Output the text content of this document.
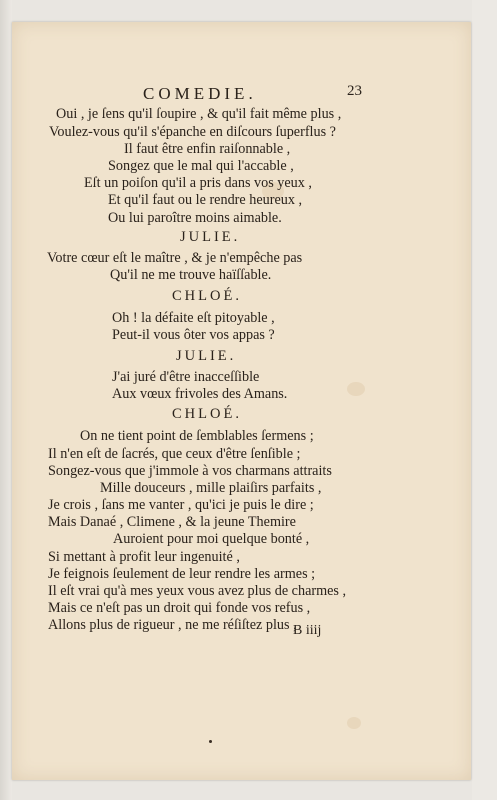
COMEDIE.	23
Oui , je ſens qu'il ſoupire , & qu'il fait même plus ,
Voulez-vous qu'il s'épanche en diſcours ſuperflus ?
Il faut être enfin raiſonnable ,
Songez que le mal qui l'accable ,
Eſt un poiſon qu'il a pris dans vos yeux ,
Et qu'il faut ou le rendre heureux ,
Ou lui paroître moins aimable.
JULIE.
Votre cœur eſt le maître , & je n'empêche pas
Qu'il ne me trouve haïſſable.
CHLOÉ.
Oh ! la défaite eſt pitoyable ,
Peut-il vous ôter vos appas ?
JULIE.
J'ai juré d'être inacceſſible
Aux vœux frivoles des Amans.
CHLOÉ.
On ne tient point de ſemblables ſermens ;
Il n'en eſt de ſacrés, que ceux d'être ſenſible ;
Songez-vous que j'immole à vos charmans attraits
Mille douceurs , mille plaiſirs parfaits ,
Je crois , ſans me vanter , qu'ici je puis le dire ;
Mais Danaé , Climene , & la jeune Themire
Auroient pour moi quelque bonté ,
Si mettant à profit leur ingenuité ,
Je feignois ſeulement de leur rendre les armes ;
Il eſt vrai qu'à mes yeux vous avez plus de charmes ,
Mais ce n'eſt pas un droit qui fonde vos refus ,
Allons plus de rigueur , ne me réſiſtez plus ,
B iiij
